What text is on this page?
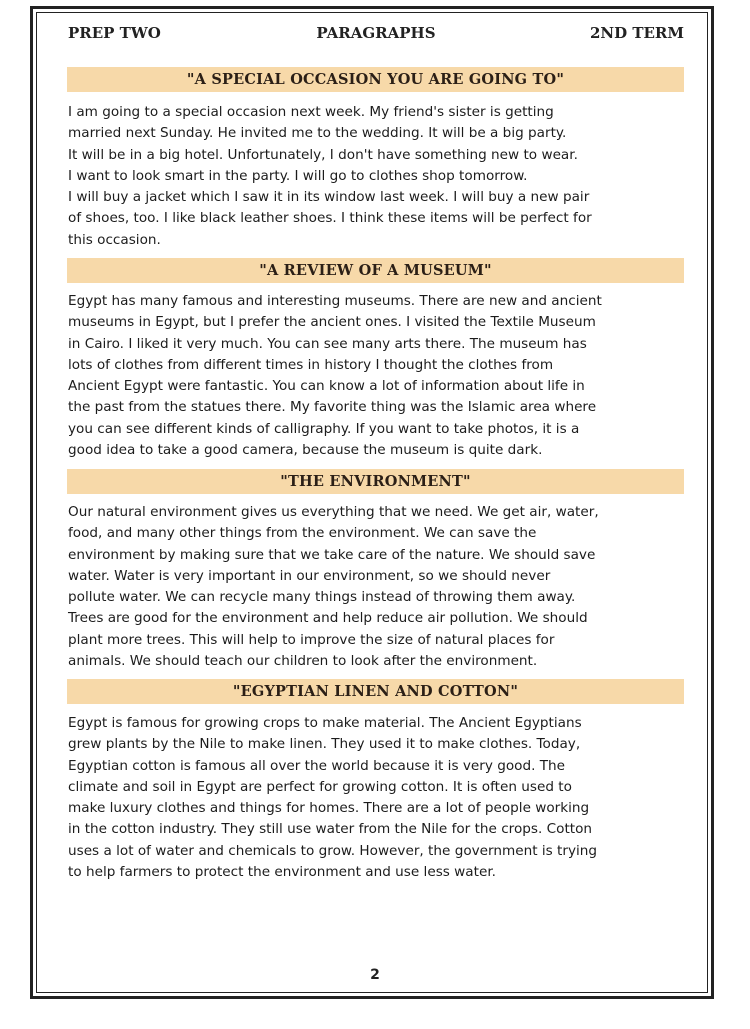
PREP TWO	PARAGRAPHS	2ND TERM
"A SPECIAL OCCASION YOU ARE GOING TO"

I am going to a special occasion next week. My friend's sister is getting
married next Sunday. He invited me to the wedding. It will be a big party.
It will be in a big hotel. Unfortunately, I don't have something new to wear.
I want to look smart in the party. I will go to clothes shop tomorrow.
I will buy a jacket which I saw it in its window last week. I will buy a new pair
of shoes, too. I like black leather shoes. I think these items will be perfect for
this occasion.

"A REVIEW OF A MUSEUM"

Egypt has many famous and interesting museums. There are new and ancient
museums in Egypt, but I prefer the ancient ones. I visited the Textile Museum
in Cairo. I liked it very much. You can see many arts there. The museum has
lots of clothes from different times in history I thought the clothes from
Ancient Egypt were fantastic. You can know a lot of information about life in
the past from the statues there. My favorite thing was the Islamic area where
you can see different kinds of calligraphy. If you want to take photos, it is a
good idea to take a good camera, because the museum is quite dark.

"THE ENVIRONMENT"

Our natural environment gives us everything that we need. We get air, water,
food, and many other things from the environment. We can save the
environment by making sure that we take care of the nature. We should save
water. Water is very important in our environment, so we should never
pollute water. We can recycle many things instead of throwing them away.
Trees are good for the environment and help reduce air pollution. We should
plant more trees. This will help to improve the size of natural places for
animals. We should teach our children to look after the environment.

"EGYPTIAN LINEN AND COTTON"

Egypt is famous for growing crops to make material. The Ancient Egyptians
grew plants by the Nile to make linen. They used it to make clothes. Today,
Egyptian cotton is famous all over the world because it is very good. The
climate and soil in Egypt are perfect for growing cotton. It is often used to
make luxury clothes and things for homes. There are a lot of people working
in the cotton industry. They still use water from the Nile for the crops. Cotton
uses a lot of water and chemicals to grow. However, the government is trying
to help farmers to protect the environment and use less water.

2
